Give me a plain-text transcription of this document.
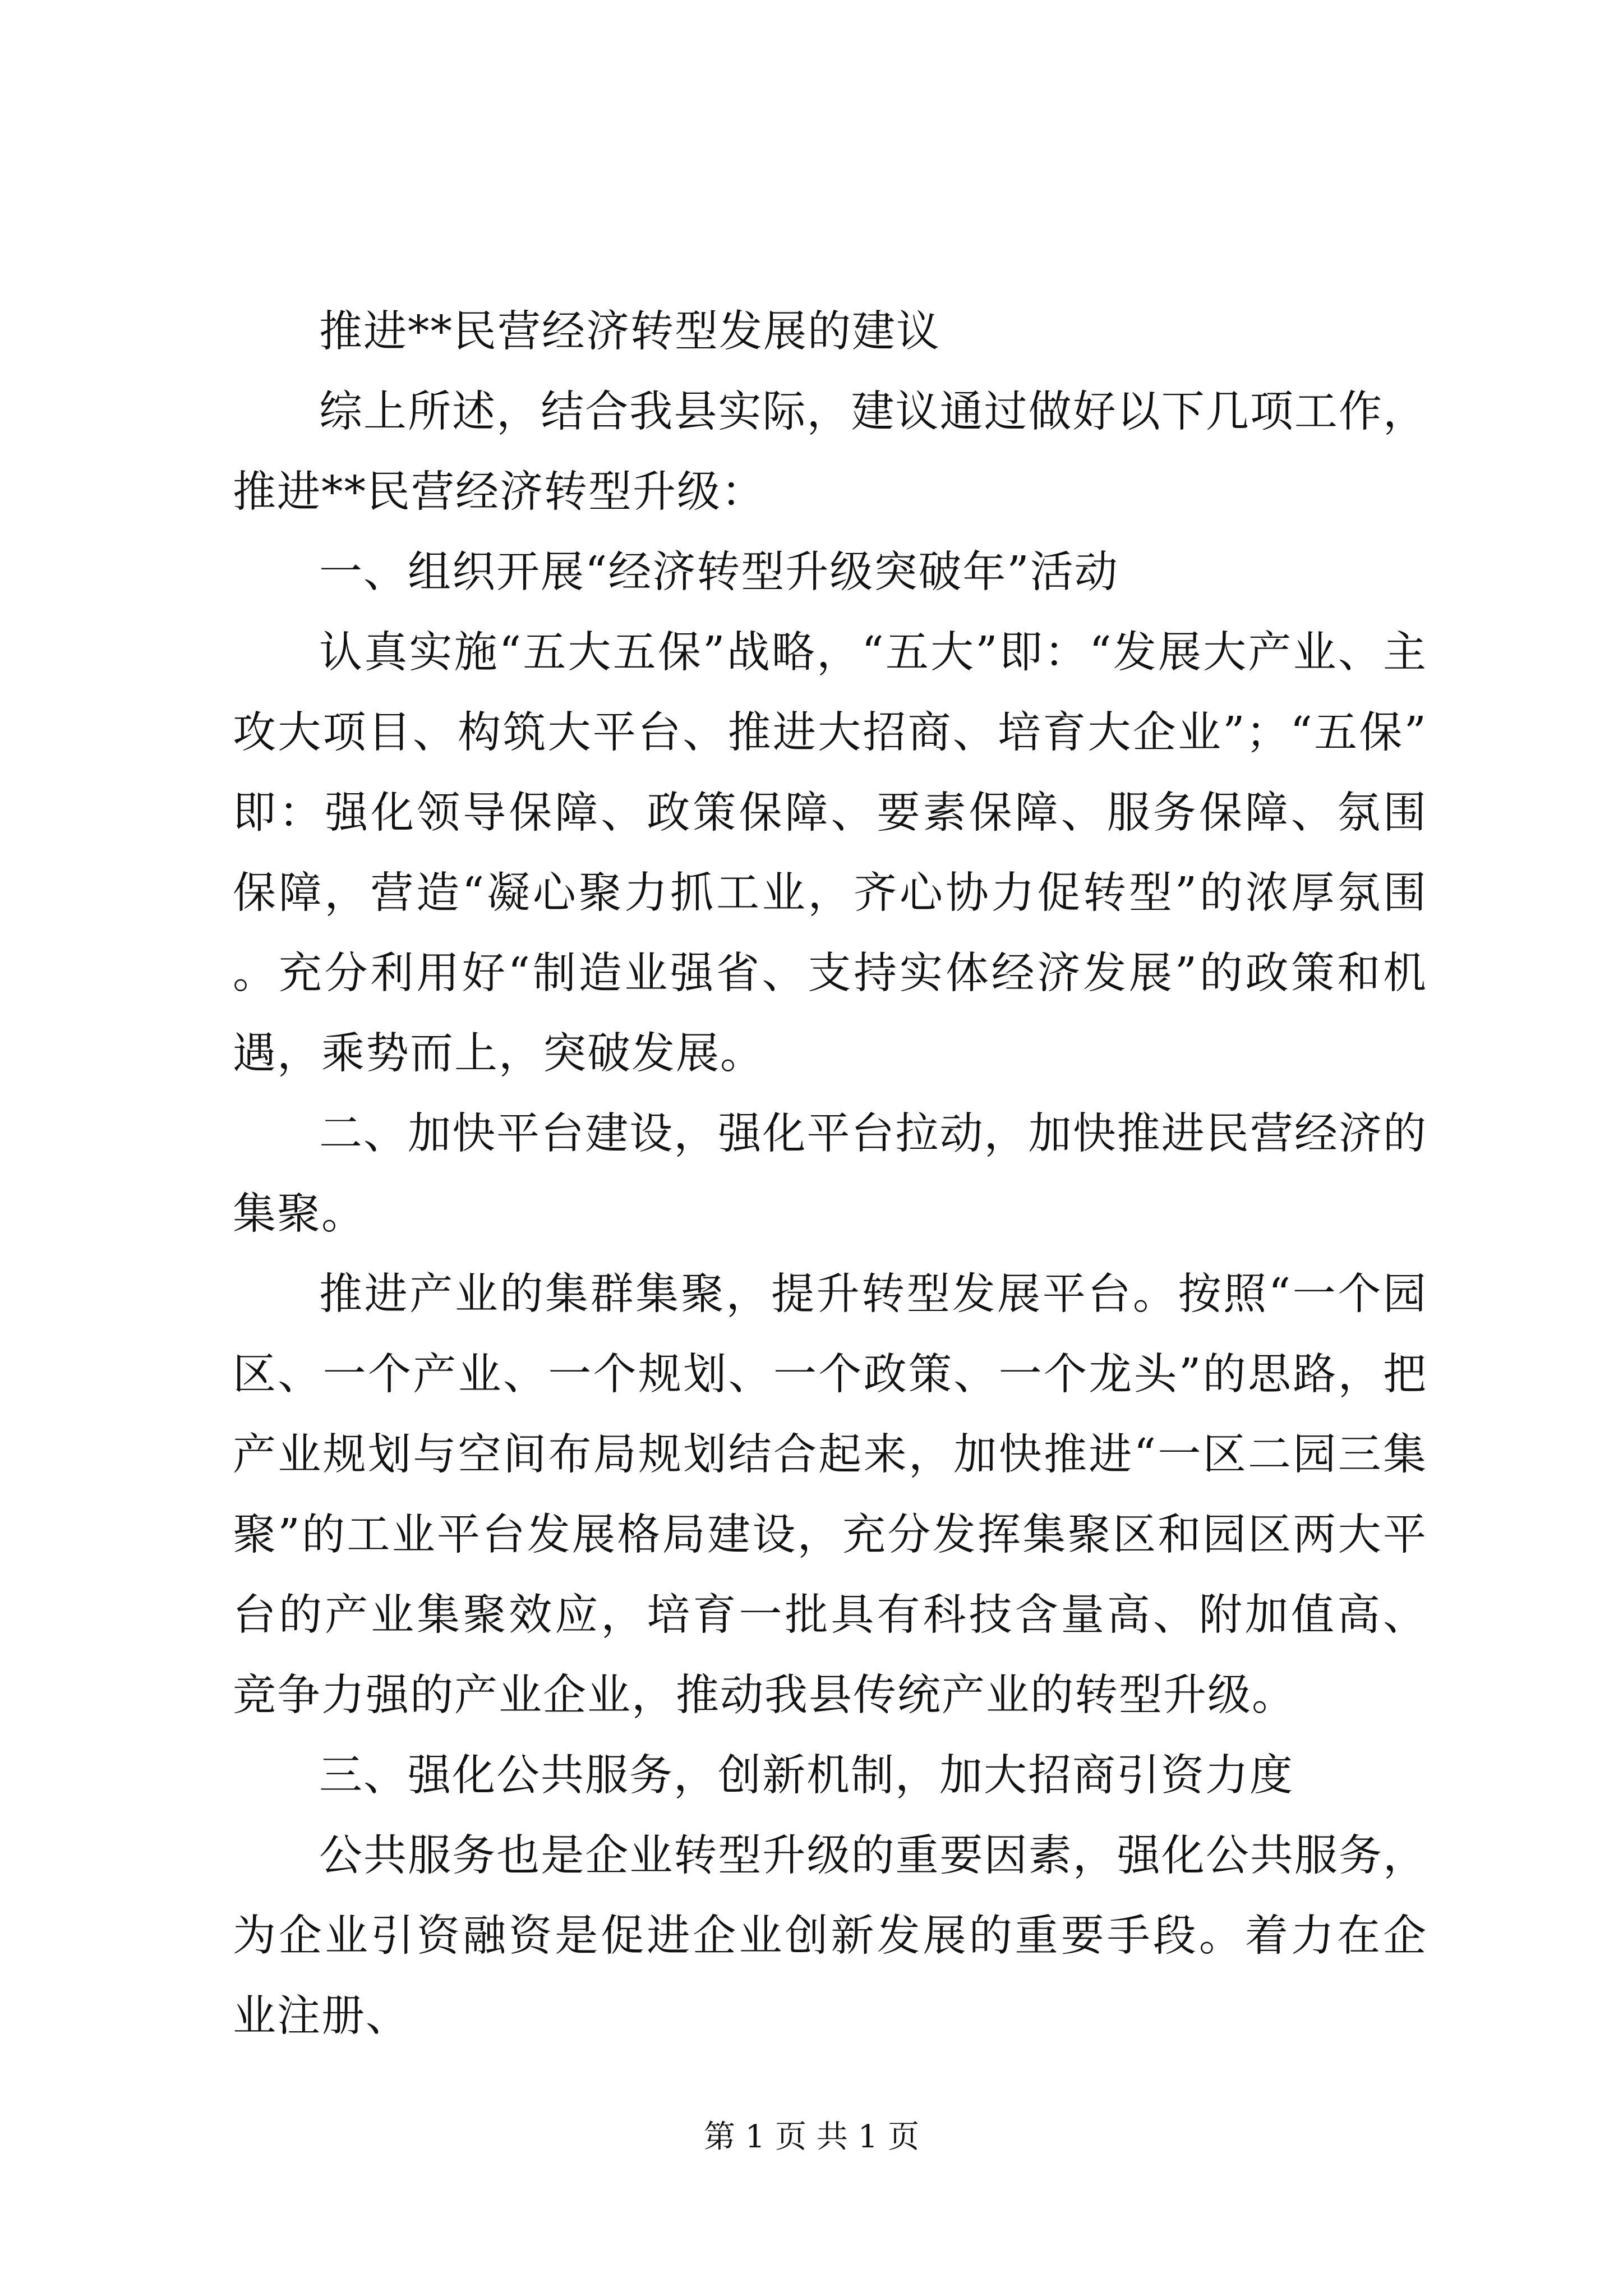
推进**民营经济转型发展的建议

综上所述，结合我县实际，建议通过做好以下几项工作，推进**民营经济转型升级：

一、组织开展“经济转型升级突破年”活动

认真实施“五大五保”战略，“五大”即：“发展大产业、主攻大项目、构筑大平台、推进大招商、培育大企业”；“五保”即：强化领导保障、政策保障、要素保障、服务保障、氛围保障，营造“凝心聚力抓工业，齐心协力促转型”的浓厚氛围。充分利用好“制造业强省、支持实体经济发展”的政策和机遇，乘势而上，突破发展。

二、加快平台建设，强化平台拉动，加快推进民营经济的集聚。

推进产业的集群集聚，提升转型发展平台。按照“一个园区、一个产业、一个规划、一个政策、一个龙头”的思路，把产业规划与空间布局规划结合起来，加快推进“一区二园三集聚”的工业平台发展格局建设，充分发挥集聚区和园区两大平台的产业集聚效应，培育一批具有科技含量高、附加值高、竞争力强的产业企业，推动我县传统产业的转型升级。

三、强化公共服务，创新机制，加大招商引资力度

公共服务也是企业转型升级的重要因素，强化公共服务，为企业引资融资是促进企业创新发展的重要手段。着力在企业注册、

第 1 页 共 1 页
